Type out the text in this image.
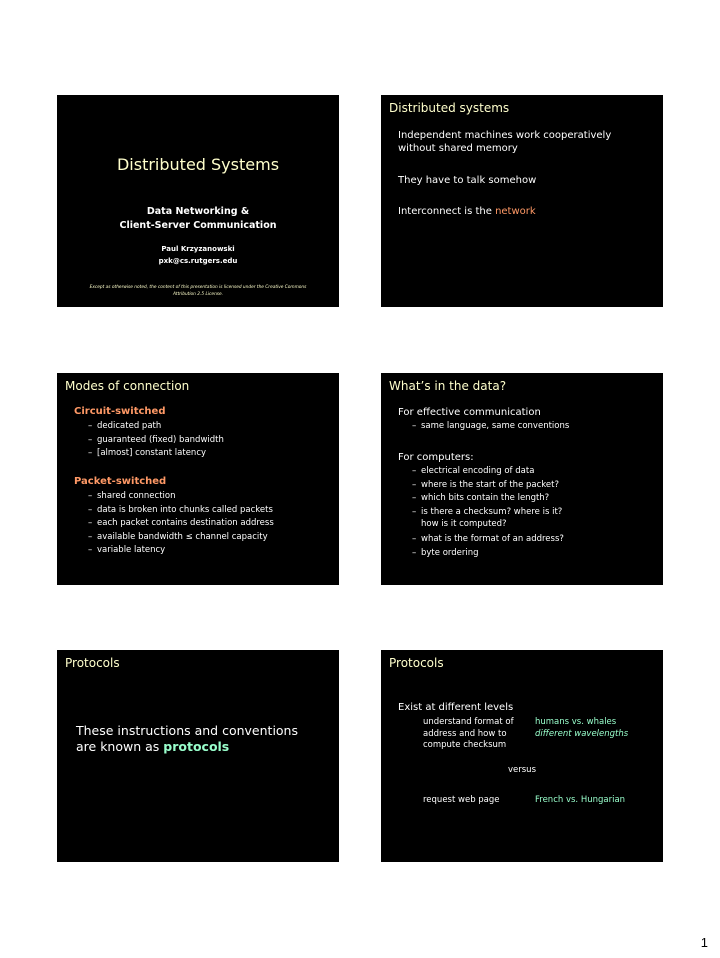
Distributed Systems
Data Networking &
Client-Server Communication
Paul Krzyzanowski
pxk@cs.rutgers.edu
Except as otherwise noted, the content of this presentation is licensed under the Creative Commons
Attribution 2.5 License.
Distributed systems
Independent machines work cooperatively
without shared memory
They have to talk somehow
Interconnect is the network
Modes of connection
Circuit-switched
– dedicated path
– guaranteed (fixed) bandwidth
– [almost] constant latency
Packet-switched
– shared connection
– data is broken into chunks called packets
– each packet contains destination address
– available bandwidth ≤ channel capacity
– variable latency
What’s in the data?
For effective communication
– same language, same conventions
For computers:
– electrical encoding of data
– where is the start of the packet?
– which bits contain the length?
– is there a checksum? where is it?
how is it computed?
– what is the format of an address?
– byte ordering
Protocols
These instructions and conventions
are known as protocols
Protocols
Exist at different levels
understand format of
address and how to
compute checksum
humans vs. whales
different wavelengths
versus
request web page	French vs. Hungarian
1
